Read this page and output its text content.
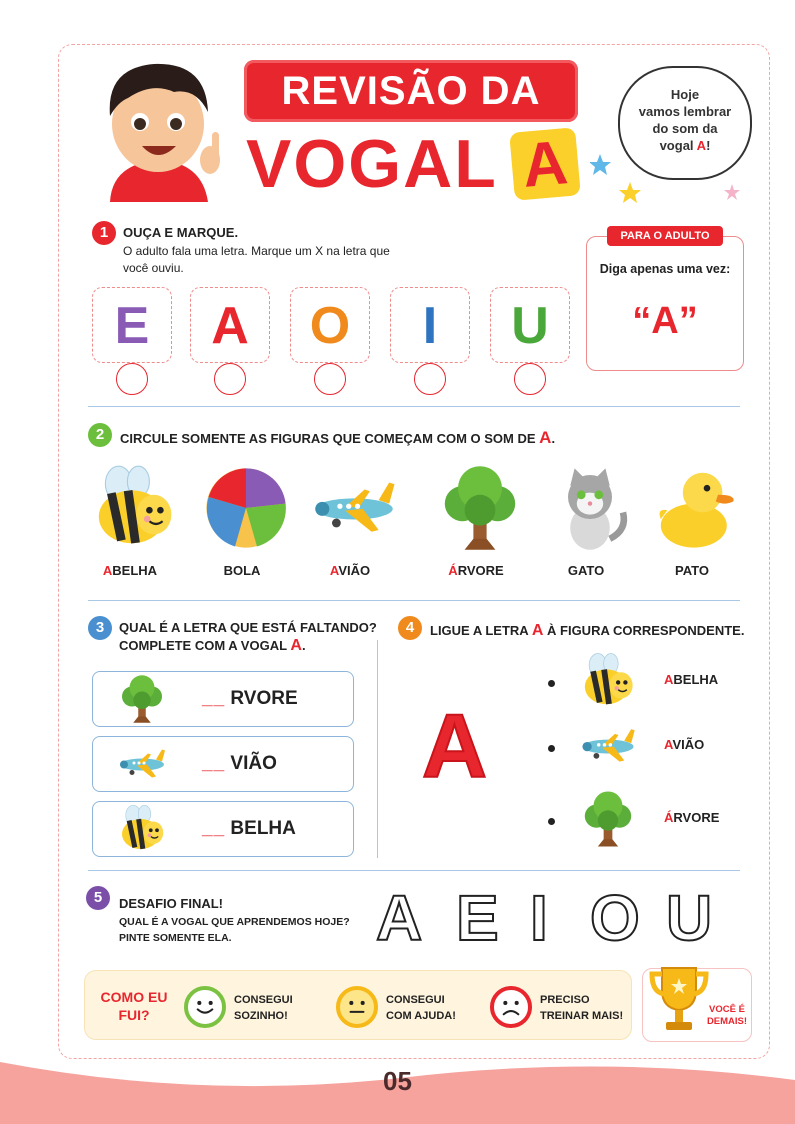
REVISÃO DA
VOGAL A
Hoje
vamos lembrar
do som da
vogal A!
1	OUÇA E MARQUE.
O adulto fala uma letra. Marque um X na letra que
você ouviu.
E	A	O	I	U
PARA O ADULTO
Diga apenas uma vez:
“A”
2	CIRCULE SOMENTE AS FIGURAS QUE COMEÇAM COM O SOM DE A.
ABELHA	BOLA	AVIÃO	ÁRVORE	GATO	PATO
3	QUAL É A LETRA QUE ESTÁ FALTANDO?
COMPLETE COM A VOGAL A.
__ RVORE
__ VIÃO
__ BELHA
4	LIGUE A LETRA A À FIGURA CORRESPONDENTE.
A
ABELHA
AVIÃO
ÁRVORE
5	DESAFIO FINAL!
QUAL É A VOGAL QUE APRENDEMOS HOJE?
PINTE SOMENTE ELA. A E I O U
COMO EU
FUI?
CONSEGUI
SOZINHO!
CONSEGUI
COM AJUDA!
PRECISO
TREINAR MAIS!
VOCÊ É
DEMAIS!
05
